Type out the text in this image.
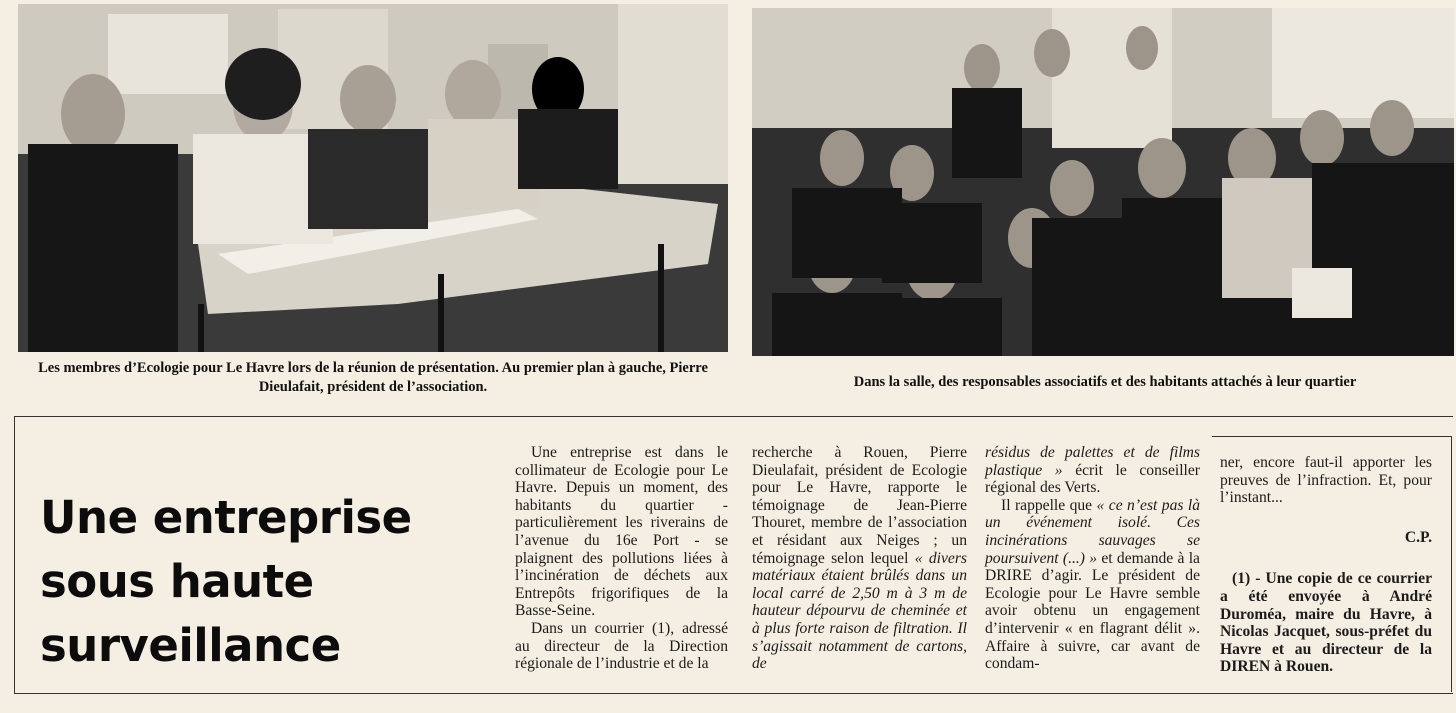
Les membres d’Ecologie pour Le Havre lors de la réunion de présentation. Au premier plan à gauche, Pierre Dieulafait, président de l’association.	Dans la salle, des responsables associatifs et des habitants attachés à leur quartier
Une entreprise
sous haute
surveillance

Une entreprise est dans le collimateur de Ecologie pour Le Havre. Depuis un moment, des habitants du quartier - particulièrement les riverains de l’avenue du 16e Port - se plaignent des pollutions liées à l’incinération de déchets aux Entrepôts frigorifiques de la Basse-Seine.

Dans un courrier (1), adressé au directeur de la Direction régionale de l’industrie et de la

recherche à Rouen, Pierre Dieulafait, président de Ecologie pour Le Havre, rapporte le témoignage de Jean-Pierre Thouret, membre de l’association et résidant aux Neiges ; un témoignage selon lequel « divers matériaux étaient brûlés dans un local carré de 2,50 m à 3 m de hauteur dépourvu de cheminée et à plus forte raison de filtration. Il s’agissait notamment de cartons, de

résidus de palettes et de films plastique » écrit le conseiller régional des Verts.

Il rappelle que « ce n’est pas là un événement isolé. Ces incinérations sauvages se poursuivent (...) » et demande à la DRIRE d’agir. Le président de Ecologie pour Le Havre semble avoir obtenu un engagement d’intervenir « en flagrant délit ». Affaire à suivre, car avant de condam-

ner, encore faut-il apporter les preuves de l’infraction. Et, pour l’instant...

C.P.

(1) - Une copie de ce courrier a été envoyée à André Duroméa, maire du Havre, à Nicolas Jacquet, sous-préfet du Havre et au directeur de la DIREN à Rouen.
